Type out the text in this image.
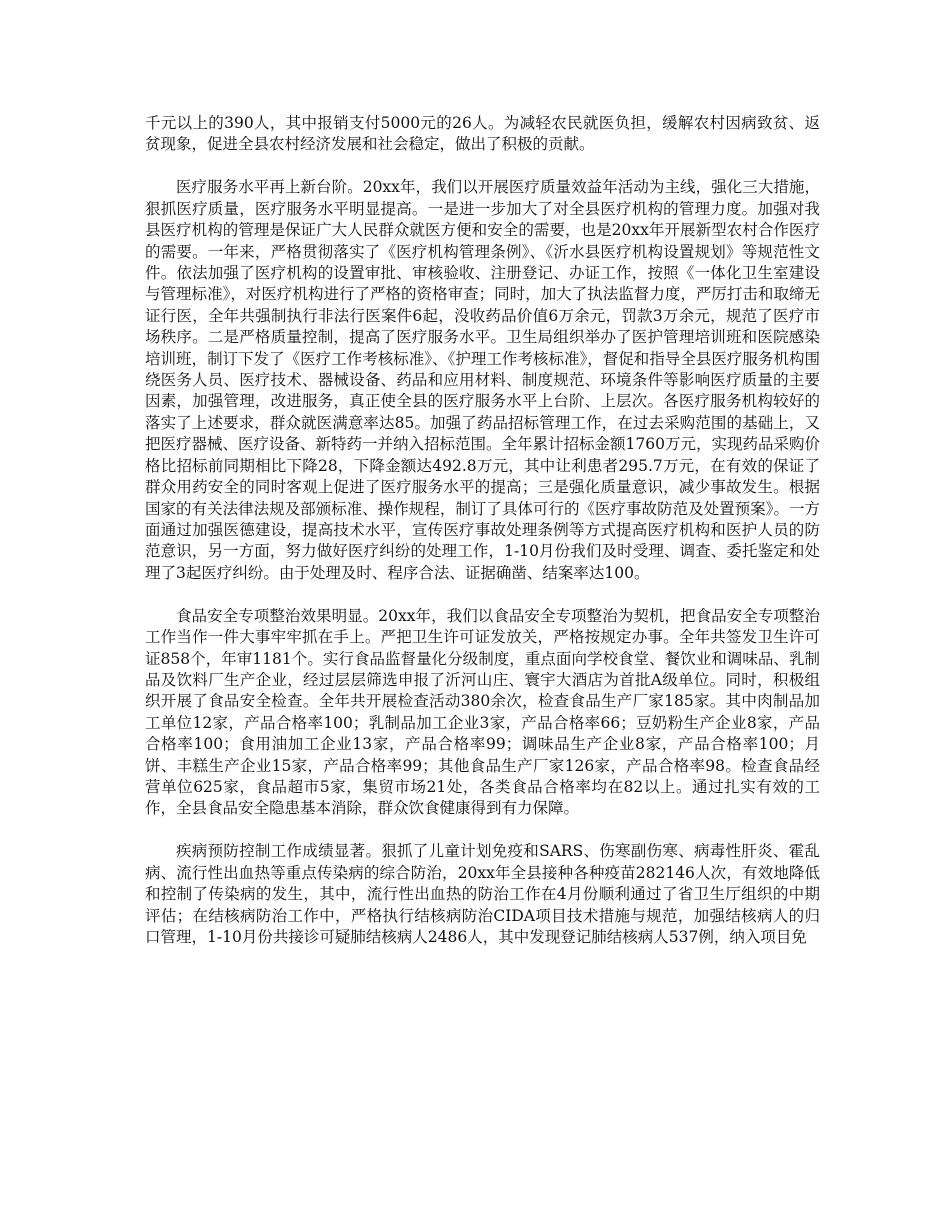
千元以上的390人，其中报销支付5000元的26人。为减轻农民就医负担，缓解农村因病致贫、返贫现象，促进全县农村经济发展和社会稳定，做出了积极的贡献。

医疗服务水平再上新台阶。20xx年，我们以开展医疗质量效益年活动为主线，强化三大措施，狠抓医疗质量，医疗服务水平明显提高。一是进一步加大了对全县医疗机构的管理力度。加强对我县医疗机构的管理是保证广大人民群众就医方便和安全的需要，也是20xx年开展新型农村合作医疗的需要。一年来，严格贯彻落实了《医疗机构管理条例》、《沂水县医疗机构设置规划》等规范性文件。依法加强了医疗机构的设置审批、审核验收、注册登记、办证工作，按照《一体化卫生室建设与管理标准》，对医疗机构进行了严格的资格审查；同时，加大了执法监督力度，严厉打击和取缔无证行医，全年共强制执行非法行医案件6起，没收药品价值6万余元，罚款3万余元，规范了医疗市场秩序。二是严格质量控制，提高了医疗服务水平。卫生局组织举办了医护管理培训班和医院感染培训班，制订下发了《医疗工作考核标准》、《护理工作考核标准》，督促和指导全县医疗服务机构围绕医务人员、医疗技术、器械设备、药品和应用材料、制度规范、环境条件等影响医疗质量的主要因素，加强管理，改进服务，真正使全县的医疗服务水平上台阶、上层次。各医疗服务机构较好的落实了上述要求，群众就医满意率达85。加强了药品招标管理工作，在过去采购范围的基础上，又把医疗器械、医疗设备、新特药一并纳入招标范围。全年累计招标金额1760万元，实现药品采购价格比招标前同期相比下降28，下降金额达492.8万元，其中让利患者295.7万元，在有效的保证了群众用药安全的同时客观上促进了医疗服务水平的提高；三是强化质量意识，减少事故发生。根据国家的有关法律法规及部颁标准、操作规程，制订了具体可行的《医疗事故防范及处置预案》。一方面通过加强医德建设，提高技术水平，宣传医疗事故处理条例等方式提高医疗机构和医护人员的防范意识，另一方面，努力做好医疗纠纷的处理工作，1-10月份我们及时受理、调查、委托鉴定和处理了3起医疗纠纷。由于处理及时、程序合法、证据确凿、结案率达100。

食品安全专项整治效果明显。20xx年，我们以食品安全专项整治为契机，把食品安全专项整治工作当作一件大事牢牢抓在手上。严把卫生许可证发放关，严格按规定办事。全年共签发卫生许可证858个，年审1181个。实行食品监督量化分级制度，重点面向学校食堂、餐饮业和调味品、乳制品及饮料厂生产企业，经过层层筛选申报了沂河山庄、寰宇大酒店为首批A级单位。同时，积极组织开展了食品安全检查。全年共开展检查活动380余次，检查食品生产厂家185家。其中肉制品加工单位12家，产品合格率100；乳制品加工企业3家，产品合格率66；豆奶粉生产企业8家，产品合格率100；食用油加工企业13家，产品合格率99；调味品生产企业8家，产品合格率100；月饼、丰糕生产企业15家，产品合格率99；其他食品生产厂家126家，产品合格率98。检查食品经营单位625家，食品超市5家，集贸市场21处，各类食品合格率均在82以上。通过扎实有效的工作，全县食品安全隐患基本消除，群众饮食健康得到有力保障。

疾病预防控制工作成绩显著。狠抓了儿童计划免疫和SARS、伤寒副伤寒、病毒性肝炎、霍乱病、流行性出血热等重点传染病的综合防治，20xx年全县接种各种疫苗282146人次，有效地降低和控制了传染病的发生，其中，流行性出血热的防治工作在4月份顺利通过了省卫生厅组织的中期评估；在结核病防治工作中，严格执行结核病防治CIDA项目技术措施与规范，加强结核病人的归口管理，1-10月份共接诊可疑肺结核病人2486人，其中发现登记肺结核病人537例，纳入项目免
